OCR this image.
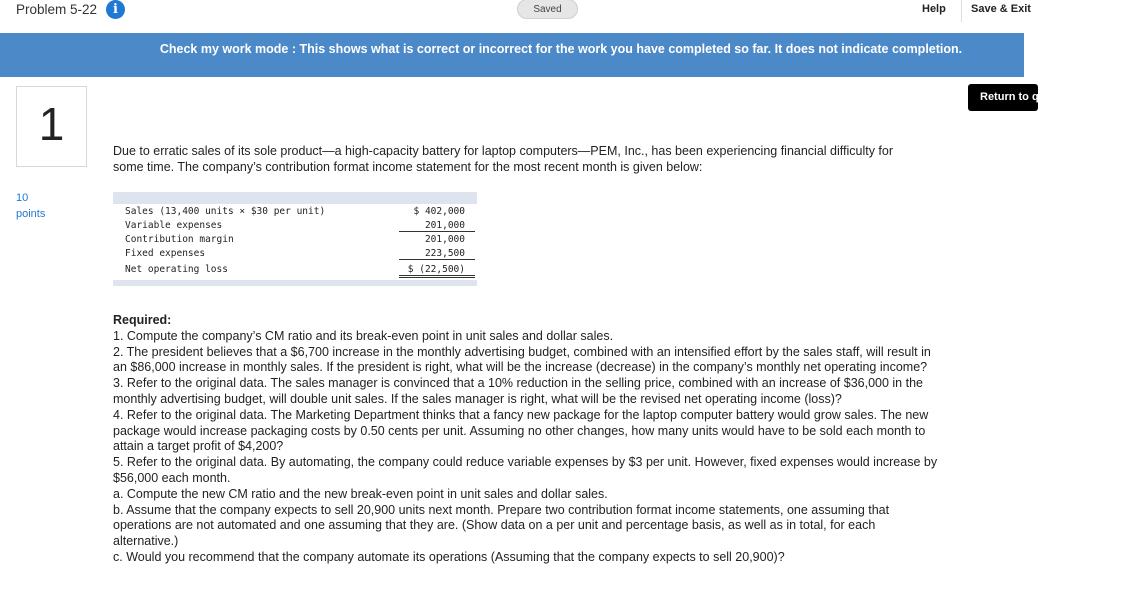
Problem 5-22	i	Saved	Help Save & Exit
Check my work mode : This shows what is correct or incorrect for the work you have completed so far. It does not indicate completion.
1
Return to question
10
points
Due to erratic sales of its sole product—a high-capacity battery for laptop computers—PEM, Inc., has been experiencing financial difficulty for some time. The company’s contribution format income statement for the most recent month is given below:
Sales (13,400 units × $30 per unit)	$ 402,000
Variable expenses	201,000
Contribution margin	201,000
Fixed expenses	223,500
Net operating loss	$ (22,500)
Required:

1. Compute the company’s CM ratio and its break-even point in unit sales and dollar sales.

2. The president believes that a $6,700 increase in the monthly advertising budget, combined with an intensified effort by the sales staff, will result in an $86,000 increase in monthly sales. If the president is right, what will be the increase (decrease) in the company’s monthly net operating income?

3. Refer to the original data. The sales manager is convinced that a 10% reduction in the selling price, combined with an increase of $36,000 in the monthly advertising budget, will double unit sales. If the sales manager is right, what will be the revised net operating income (loss)?

4. Refer to the original data. The Marketing Department thinks that a fancy new package for the laptop computer battery would grow sales. The new package would increase packaging costs by 0.50 cents per unit. Assuming no other changes, how many units would have to be sold each month to attain a target profit of $4,200?

5. Refer to the original data. By automating, the company could reduce variable expenses by $3 per unit. However, fixed expenses would increase by $56,000 each month.

a. Compute the new CM ratio and the new break-even point in unit sales and dollar sales.

b. Assume that the company expects to sell 20,900 units next month. Prepare two contribution format income statements, one assuming that operations are not automated and one assuming that they are. (Show data on a per unit and percentage basis, as well as in total, for each alternative.)

c. Would you recommend that the company automate its operations (Assuming that the company expects to sell 20,900)?
